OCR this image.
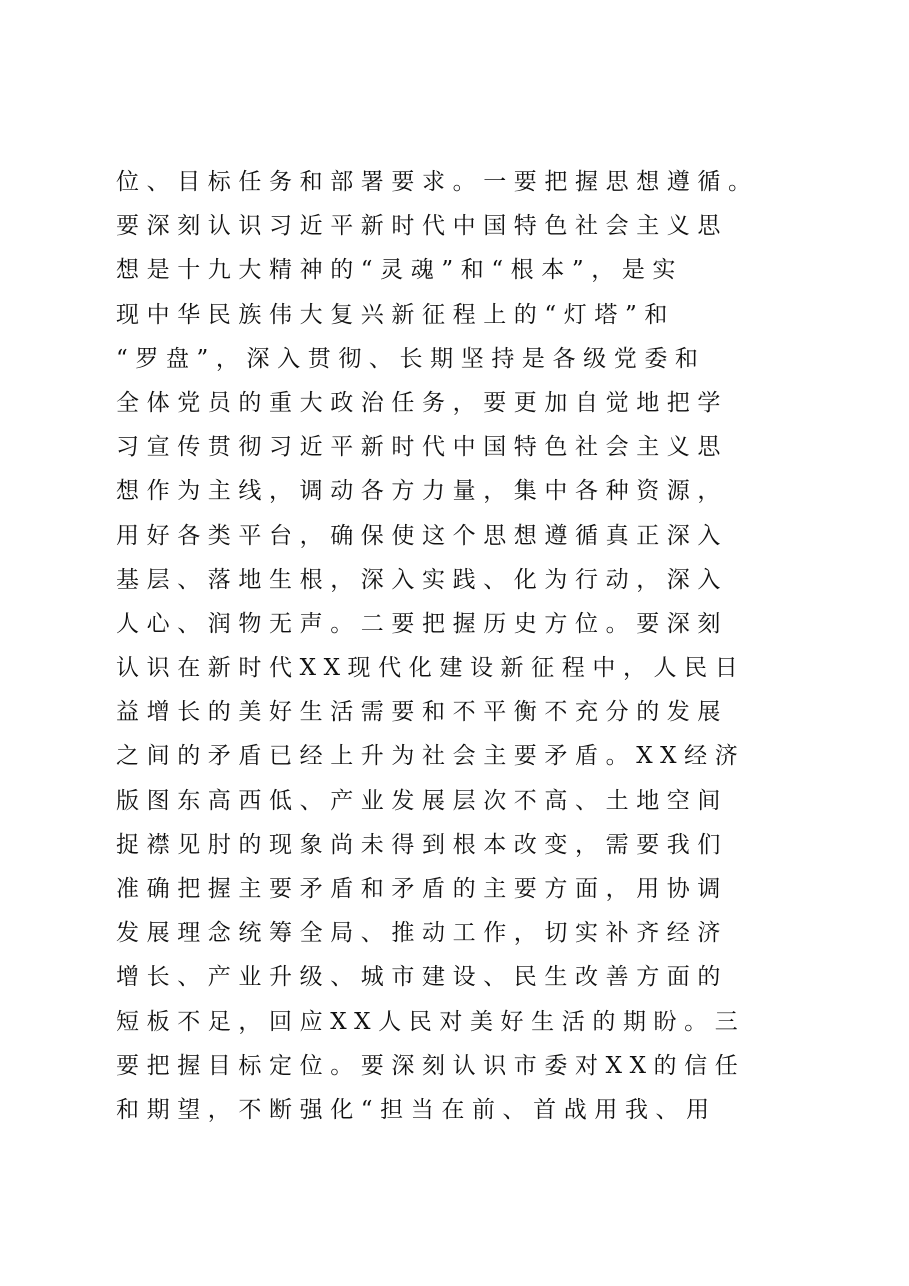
位、目标任务和部署要求。一要把握思想遵循。
要深刻认识习近平新时代中国特色社会主义思
想是十九大精神的“灵魂”和“根本”，是实
现中华民族伟大复兴新征程上的“灯塔”和
“罗盘”，深入贯彻、长期坚持是各级党委和
全体党员的重大政治任务，要更加自觉地把学
习宣传贯彻习近平新时代中国特色社会主义思
想作为主线，调动各方力量，集中各种资源，
用好各类平台，确保使这个思想遵循真正深入
基层、落地生根，深入实践、化为行动，深入
人心、润物无声。二要把握历史方位。要深刻
认识在新时代XX现代化建设新征程中，人民日
益增长的美好生活需要和不平衡不充分的发展
之间的矛盾已经上升为社会主要矛盾。XX经济
版图东高西低、产业发展层次不高、土地空间
捉襟见肘的现象尚未得到根本改变，需要我们
准确把握主要矛盾和矛盾的主要方面，用协调
发展理念统筹全局、推动工作，切实补齐经济
增长、产业升级、城市建设、民生改善方面的
短板不足，回应XX人民对美好生活的期盼。三
要把握目标定位。要深刻认识市委对XX的信任
和期望，不断强化“担当在前、首战用我、用
